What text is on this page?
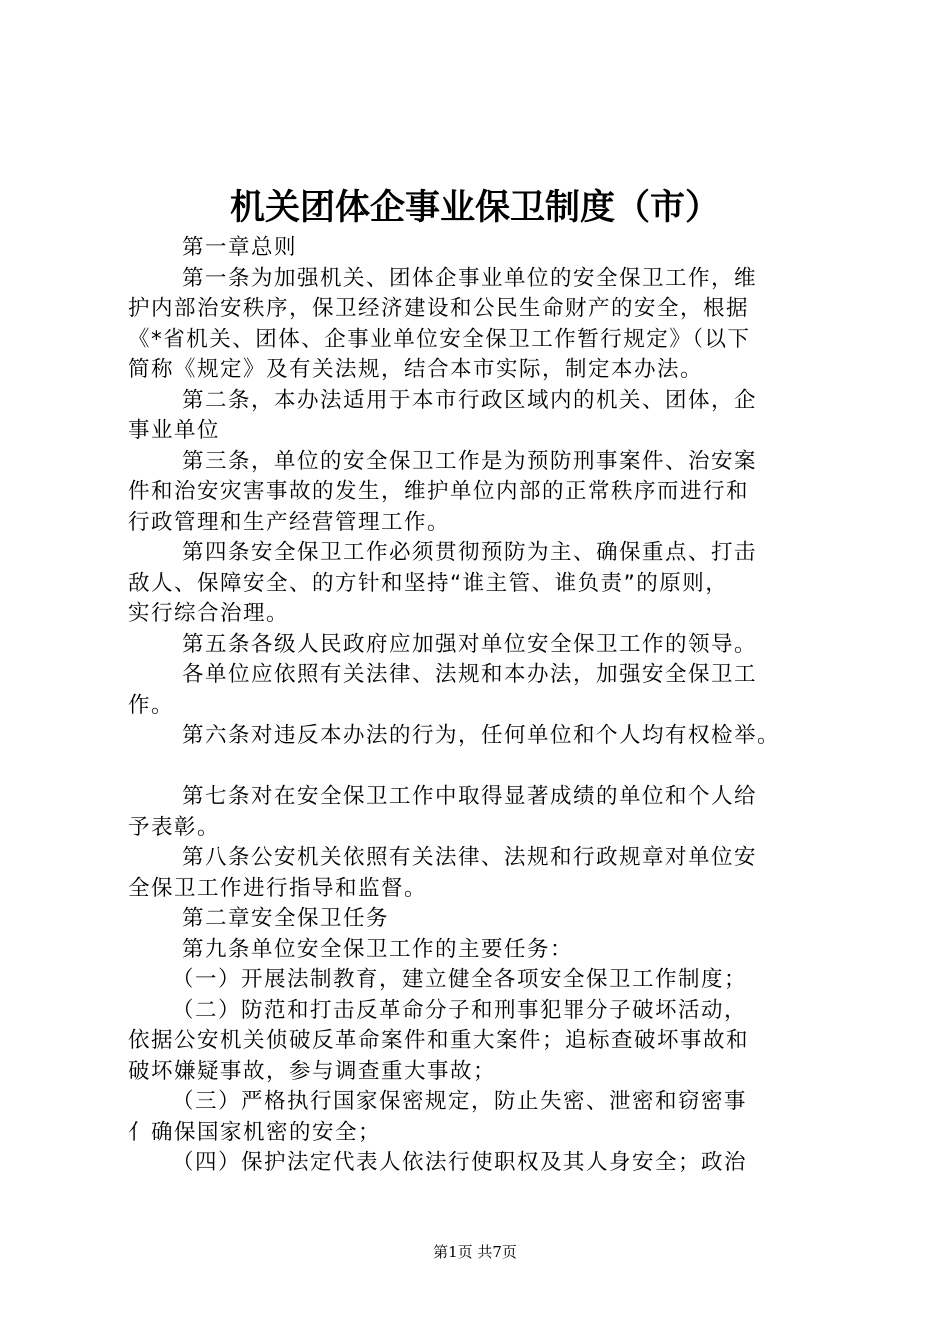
机关团体企事业保卫制度（市）
第一章总则
第一条为加强机关、团体企事业单位的安全保卫工作，维
护内部治安秩序，保卫经济建设和公民生命财产的安全，根据
《*省机关、团体、企事业单位安全保卫工作暂行规定》（以下
简称《规定》及有关法规，结合本市实际，制定本办法。
第二条，本办法适用于本市行政区域内的机关、团体，企
事业单位
第三条，单位的安全保卫工作是为预防刑事案件、治安案
件和治安灾害事故的发生，维护单位内部的正常秩序而进行和
行政管理和生产经营管理工作。
第四条安全保卫工作必须贯彻预防为主、确保重点、打击
敌人、保障安全、的方针和坚持“谁主管、谁负责”的原则，
实行综合治理。
第五条各级人民政府应加强对单位安全保卫工作的领导。
各单位应依照有关法律、法规和本办法，加强安全保卫工
作。
第六条对违反本办法的行为，任何单位和个人均有权检举。
第七条对在安全保卫工作中取得显著成绩的单位和个人给
予表彰。
第八条公安机关依照有关法律、法规和行政规章对单位安
全保卫工作进行指导和监督。
第二章安全保卫任务
第九条单位安全保卫工作的主要任务：
（一）开展法制教育，建立健全各项安全保卫工作制度；
（二）防范和打击反革命分子和刑事犯罪分子破坏活动，
依据公安机关侦破反革命案件和重大案件；追标查破坏事故和
破坏嫌疑事故，参与调查重大事故；
（三）严格执行国家保密规定，防止失密、泄密和窃密事
亻确保国家机密的安全；
（四）保护法定代表人依法行使职权及其人身安全；政治
第1页 共7页
